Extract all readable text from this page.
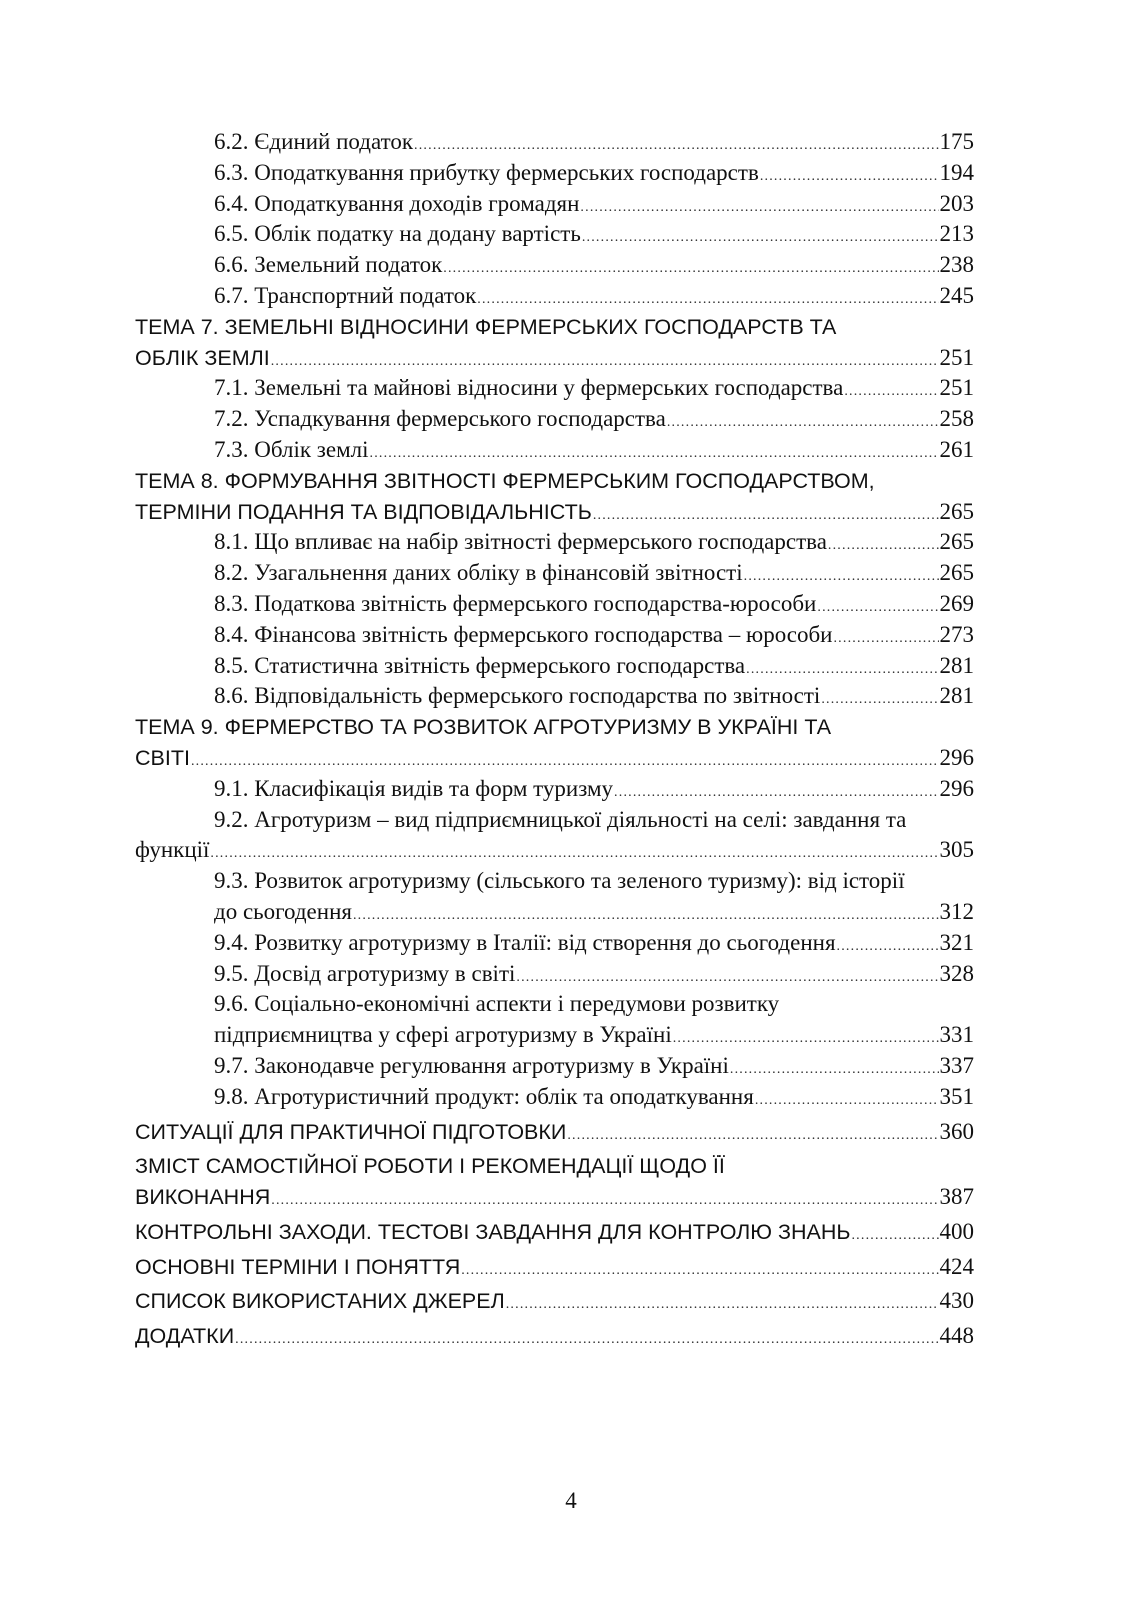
6.2. Єдиний податок .....	175
6.3. Оподаткування прибутку фермерських господарств .....	194
6.4. Оподаткування доходів громадян .....	203
6.5. Облік податку на додану вартість .....	213
6.6. Земельний податок .....	238
6.7. Транспортний податок .....	245
ТЕМА 7. ЗЕМЕЛЬНІ ВІДНОСИНИ ФЕРМЕРСЬКИХ ГОСПОДАРСТВ ТА
ОБЛІК ЗЕМЛІ .....	251
7.1. Земельні та майнові відносини у фермерських господарства .....	251
7.2. Успадкування фермерського господарства .....	258
7.3. Облік землі .....	261
ТЕМА 8. ФОРМУВАННЯ ЗВІТНОСТІ ФЕРМЕРСЬКИМ ГОСПОДАРСТВОМ,
ТЕРМІНИ ПОДАННЯ ТА ВІДПОВІДАЛЬНІСТЬ .....	265
8.1. Що впливає на набір звітності фермерського господарства .....	265
8.2. Узагальнення даних обліку в фінансовій звітності .....	265
8.3. Податкова звітність фермерського господарства-юрособи .....	269
8.4. Фінансова звітність фермерського господарства – юрособи .....	273
8.5. Статистична звітність фермерського господарства .....	281
8.6. Відповідальність фермерського господарства по звітності .....	281
ТЕМА 9. ФЕРМЕРСТВО ТА РОЗВИТОК АГРОТУРИЗМУ В УКРАЇНІ ТА
СВІТІ .....	296
9.1. Класифікація видів та форм туризму .....	296
9.2. Агротуризм – вид підприємницької діяльності на селі: завдання та
функції .....	305
9.3. Розвиток агротуризму (сільського та зеленого туризму): від історії
до сьогодення .....	312
9.4. Розвитку агротуризму в Італії: від створення до сьогодення .....	321
9.5. Досвід агротуризму в світі .....	328
9.6. Соціально-економічні аспекти і передумови розвитку
підприємництва у сфері агротуризму в Україні .....	331
9.7. Законодавче регулювання агротуризму в Україні .....	337
9.8. Агротуристичний продукт: облік та оподаткування .....	351
СИТУАЦІЇ ДЛЯ ПРАКТИЧНОЇ ПІДГОТОВКИ .....	360
ЗМІСТ САМОСТІЙНОЇ РОБОТИ І РЕКОМЕНДАЦІЇ ЩОДО ЇЇ
ВИКОНАННЯ .....	387
КОНТРОЛЬНІ ЗАХОДИ. ТЕСТОВІ ЗАВДАННЯ ДЛЯ КОНТРОЛЮ ЗНАНЬ .....	400
ОСНОВНІ ТЕРМІНИ І ПОНЯТТЯ .....	424
СПИСОК ВИКОРИСТАНИХ ДЖЕРЕЛ .....	430
ДОДАТКИ .....	448
4
